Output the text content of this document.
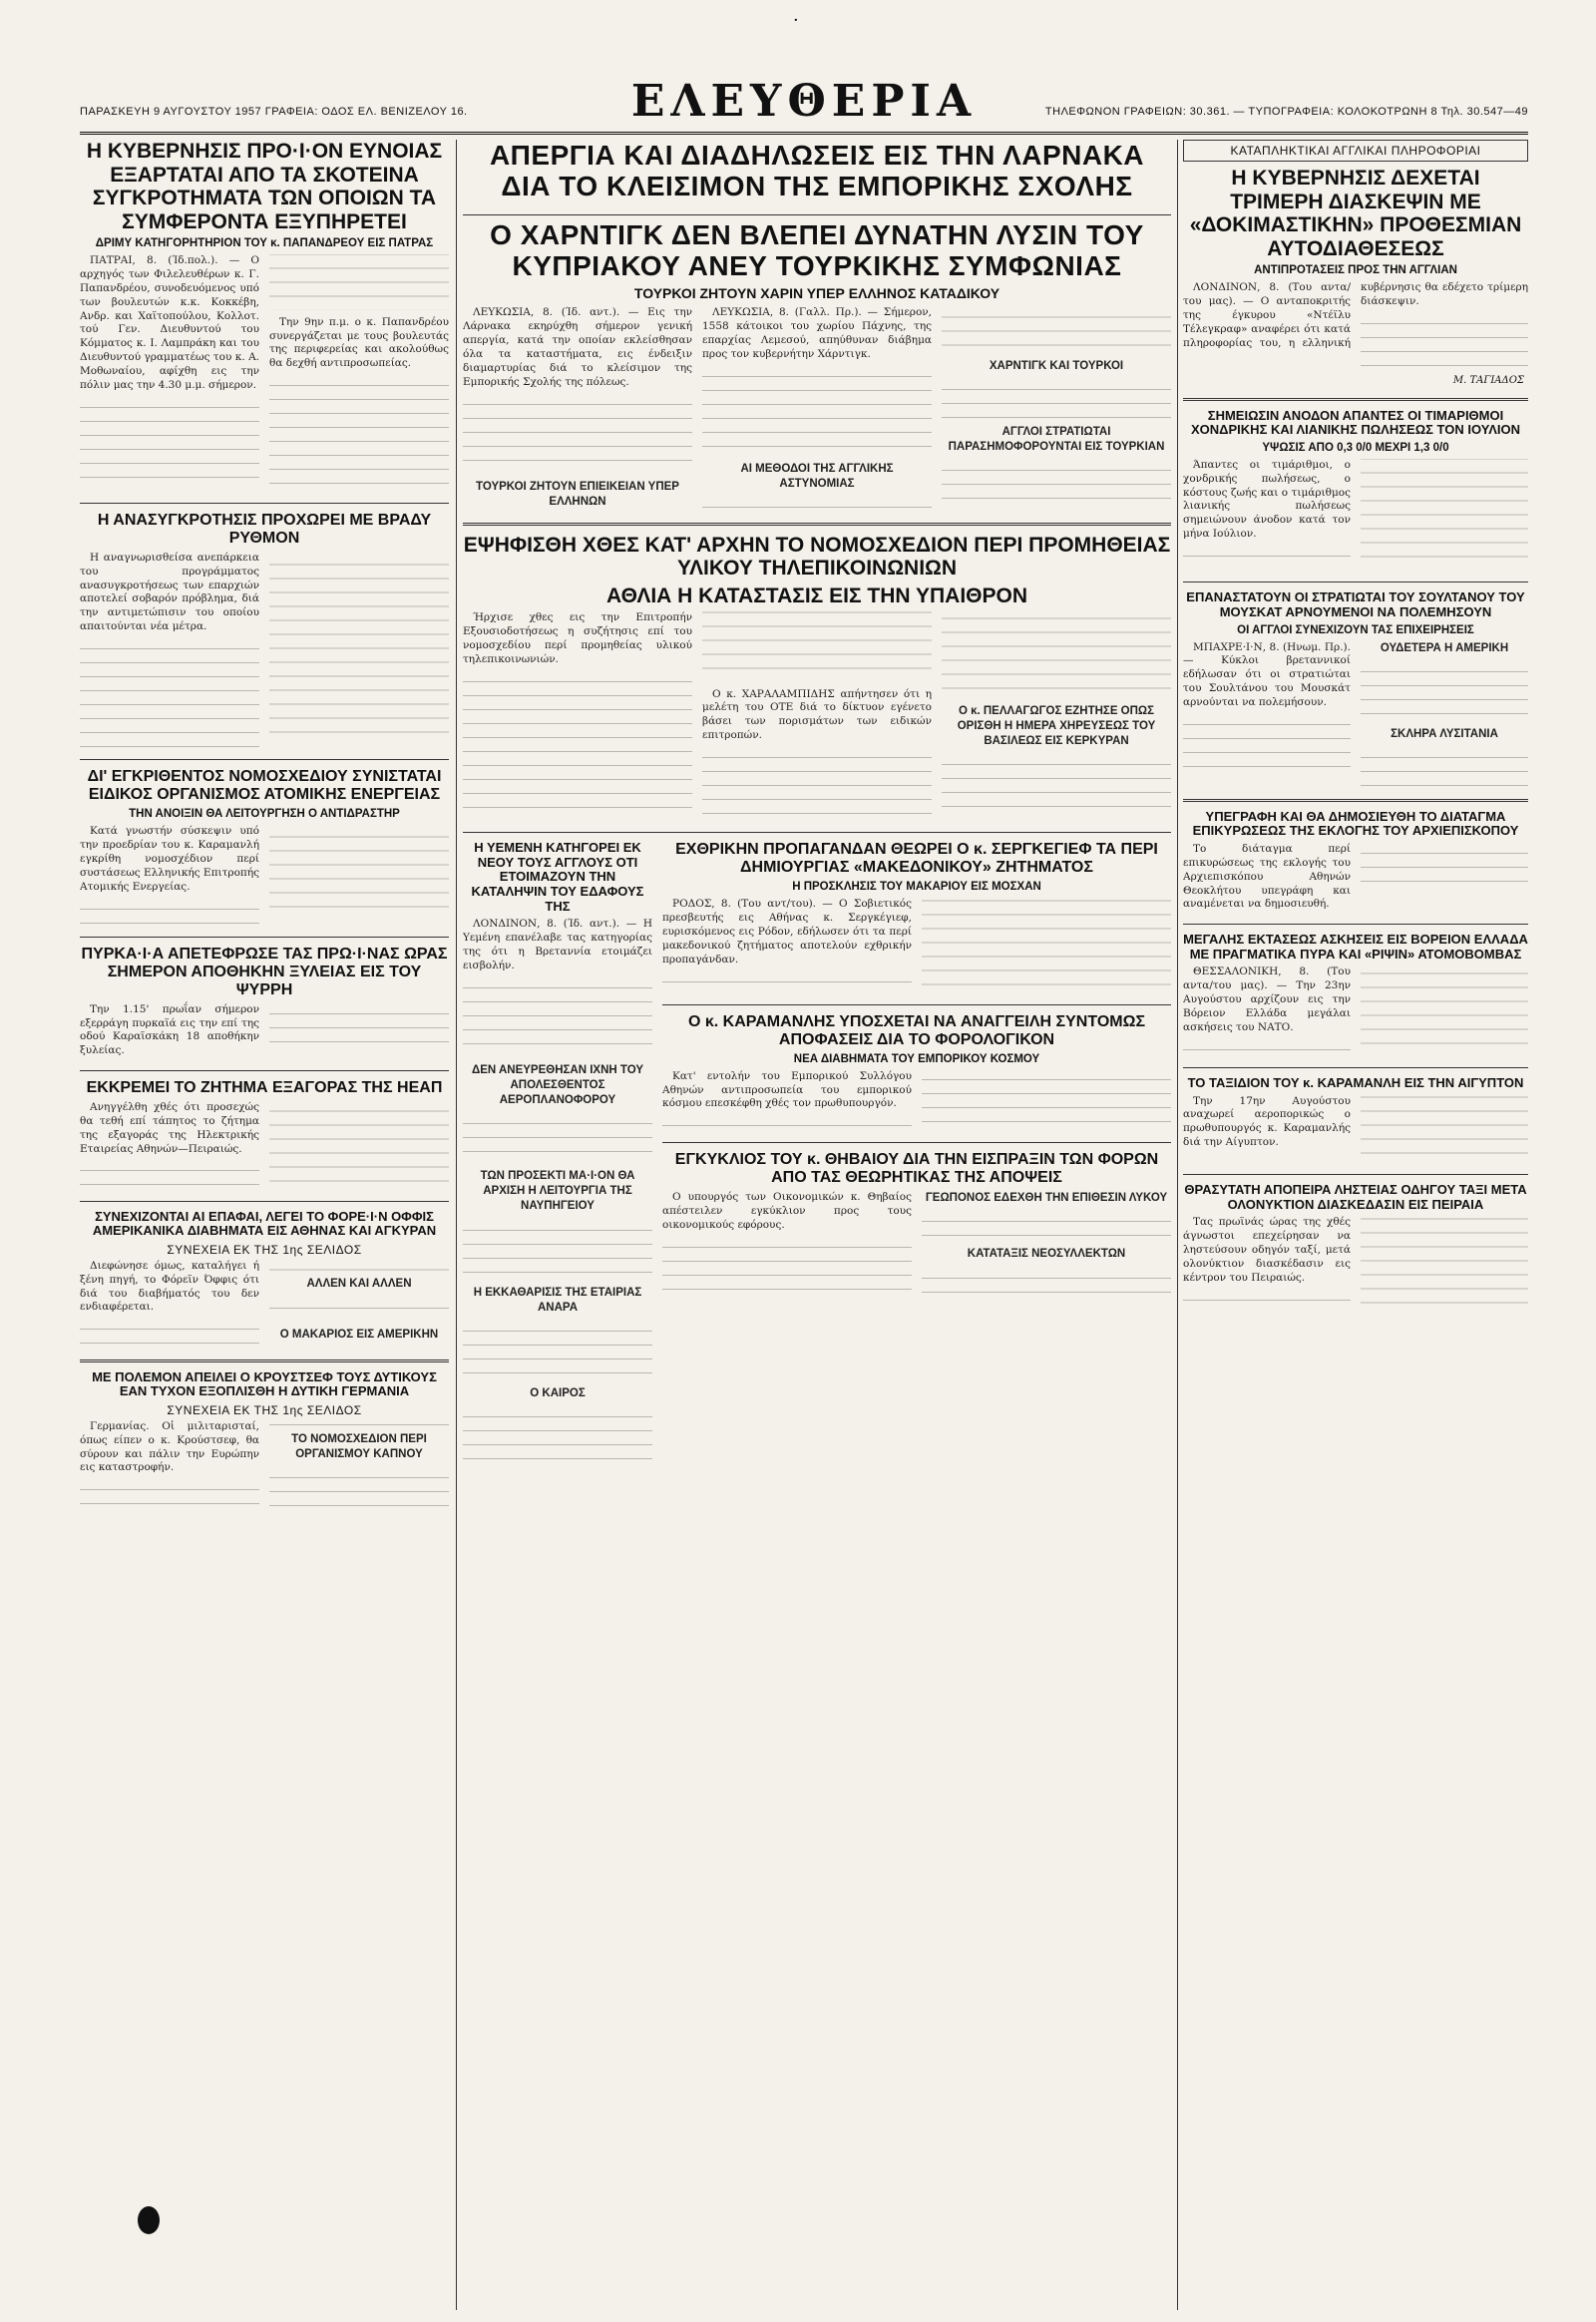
·
ΠΑΡΑΣΚΕΥΗ 9 ΑΥΓΟΥΣΤΟΥ 1957 ΓΡΑΦΕΙΑ: ΟΔΟΣ ΕΛ. ΒΕΝΙΖΕΛΟΥ 16.	ΕΛΕΥΘΕΡΙΑ	ΤΗΛΕΦΩΝΟΝ ΓΡΑΦΕΙΩΝ: 30.361. — ΤΥΠΟΓΡΑΦΕΙΑ: ΚΟΛΟΚΟΤΡΩΝΗ 8 Τηλ. 30.547—49
Η ΚΥΒΕΡΝΗΣΙΣ ΠΡΟ·Ι·ΟΝ ΕΥΝΟΙΑΣ ΕΞΑΡΤΑΤΑΙ ΑΠΟ ΤΑ ΣΚΟΤΕΙΝΑ ΣΥΓΚΡΟΤΗΜΑΤΑ ΤΩΝ ΟΠΟΙΩΝ ΤΑ ΣΥΜΦΕΡΟΝΤΑ ΕΞΥΠΗΡΕΤΕΙ
ΔΡΙΜΥ ΚΑΤΗΓΟΡΗΤΗΡΙΟΝ ΤΟΥ κ. ΠΑΠΑΝΔΡΕΟΥ ΕΙΣ ΠΑΤΡΑΣ

ΠΑΤΡΑΙ, 8. (Ίδ.πολ.). — Ο αρχηγός των Φιλελευθέρων κ. Γ. Παπανδρέου, συνοδευόμενος υπό των βουλευτών κ.κ. Κοκκέβη, Ανδρ. και Χαϊτοπούλου, Κολλοτ. τού Γεν. Διευθυντού του Κόμματος κ. Ι. Λαμπράκη και του Διευθυντού γραμματέως του κ. Α. Μοθωναίου, αφίχθη εις την πόλιν μας την 4.30 μ.μ. σήμερον.

Την 9ην π.μ. ο κ. Παπανδρέου συνεργάζεται με τους βουλευτάς της περιφερείας και ακολούθως θα δεχθή αντιπροσωπείας.

Η ΑΝΑΣΥΓΚΡΟΤΗΣΙΣ ΠΡΟΧΩΡΕΙ ΜΕ ΒΡΑΔΥ ΡΥΘΜΟΝ

Η αναγνωρισθείσα ανεπάρκεια του προγράμματος ανασυγκροτήσεως των επαρχιών αποτελεί σοβαρόν πρόβλημα, διά την αντιμετώπισιν του οποίου απαιτούνται νέα μέτρα.

ΔΙ' ΕΓΚΡΙΘΕΝΤΟΣ ΝΟΜΟΣΧΕΔΙΟΥ ΣΥΝΙΣΤΑΤΑΙ ΕΙΔΙΚΟΣ ΟΡΓΑΝΙΣΜΟΣ ΑΤΟΜΙΚΗΣ ΕΝΕΡΓΕΙΑΣ
ΤΗΝ ΑΝΟΙΞΙΝ ΘΑ ΛΕΙΤΟΥΡΓΗΣΗ Ο ΑΝΤΙΔΡΑΣΤΗΡ

Κατά γνωστήν σύσκεψιν υπό την προεδρίαν του κ. Καραμανλή εγκρίθη νομοσχέδιον περί συστάσεως Ελληνικής Επιτροπής Ατομικής Ενεργείας.

ΠΥΡΚΑ·Ι·Α ΑΠΕΤΕΦΡΩΣΕ ΤΑΣ ΠΡΩ·Ι·ΝΑΣ ΩΡΑΣ ΣΗΜΕΡΟΝ ΑΠΟΘΗΚΗΝ ΞΥΛΕΙΑΣ ΕΙΣ ΤΟΥ ΨΥΡΡΗ

Την 1.15' πρωΐαν σήμερον εξερράγη πυρκαϊά εις την επί της οδού Καραϊσκάκη 18 αποθήκην ξυλείας.

ΕΚΚΡΕΜΕΙ ΤΟ ΖΗΤΗΜΑ ΕΞΑΓΟΡΑΣ ΤΗΣ ΗΕΑΠ

Ανηγγέλθη χθές ότι προσεχώς θα τεθή επί τάπητος το ζήτημα της εξαγοράς της Ηλεκτρικής Εταιρείας Αθηνών—Πειραιώς.

ΣΥΝΕΧΙΖΟΝΤΑΙ ΑΙ ΕΠΑΦΑΙ, ΛΕΓΕΙ ΤΟ ΦΟΡΕ·Ι·Ν ΟΦΦΙΣ ΑΜΕΡΙΚΑΝΙΚΑ ΔΙΑΒΗΜΑΤΑ ΕΙΣ ΑΘΗΝΑΣ ΚΑΙ ΑΓΚΥΡΑΝ
ΣΥΝΕΧΕΙΑ ΕΚ ΤΗΣ 1ης ΣΕΛΙΔΟΣ

Διεφώνησε όμως, καταλήγει ή ξένη πηγή, το Φόρεϊν Όφφις ότι διά του διαβήματός του δεν ενδιαφέρεται.

ΑΛΛΕΝ ΚΑΙ ΑΛΛΕΝ
Ο ΜΑΚΑΡΙΟΣ ΕΙΣ ΑΜΕΡΙΚΗΝ
ΜΕ ΠΟΛΕΜΟΝ ΑΠΕΙΛΕΙ Ο ΚΡΟΥΣΤΣΕΦ ΤΟΥΣ ΔΥΤΙΚΟΥΣ ΕΑΝ ΤΥΧΟΝ ΕΞΟΠΛΙΣΘΗ Η ΔΥΤΙΚΗ ΓΕΡΜΑΝΙΑ
ΣΥΝΕΧΕΙΑ ΕΚ ΤΗΣ 1ης ΣΕΛΙΔΟΣ

Γερμανίας. Οἱ μιλιταρισταί, όπως είπεν ο κ. Κρούστσεφ, θα σύρουν και πάλιν την Ευρώπην εις καταστροφήν.

ΤΟ ΝΟΜΟΣΧΕΔΙΟΝ ΠΕΡΙ ΟΡΓΑΝΙΣΜΟΥ ΚΑΠΝΟΥ
ΑΠΕΡΓΙΑ ΚΑΙ ΔΙΑΔΗΛΩΣΕΙΣ ΕΙΣ ΤΗΝ ΛΑΡΝΑΚΑ ΔΙΑ ΤΟ ΚΛΕΙΣΙΜΟΝ ΤΗΣ ΕΜΠΟΡΙΚΗΣ ΣΧΟΛΗΣ
Ο ΧΑΡΝΤΙΓΚ ΔΕΝ ΒΛΕΠΕΙ ΔΥΝΑΤΗΝ ΛΥΣΙΝ ΤΟΥ ΚΥΠΡΙΑΚΟΥ ΑΝΕΥ ΤΟΥΡΚΙΚΗΣ ΣΥΜΦΩΝΙΑΣ
ΤΟΥΡΚΟΙ ΖΗΤΟΥΝ ΧΑΡΙΝ ΥΠΕΡ ΕΛΛΗΝΟΣ ΚΑΤΑΔΙΚΟΥ

ΛΕΥΚΩΣΙΑ, 8. (Ίδ. αντ.). — Εις την Λάρνακα εκηρύχθη σήμερον γενική απεργία, κατά την οποίαν εκλείσθησαν όλα τα καταστήματα, εις ένδειξιν διαμαρτυρίας διά το κλείσιμον της Εμπορικής Σχολής της πόλεως.

ΤΟΥΡΚΟΙ ΖΗΤΟΥΝ ΕΠΙΕΙΚΕΙΑΝ ΥΠΕΡ ΕΛΛΗΝΩΝ

ΛΕΥΚΩΣΙΑ, 8. (Γαλλ. Πρ.). — Σήμερον, 1558 κάτοικοι του χωρίου Πάχνης, της επαρχίας Λεμεσού, απηύθυναν διάβημα προς τον κυβερνήτην Χάρντιγκ.

ΑΙ ΜΕΘΟΔΟΙ ΤΗΣ ΑΓΓΛΙΚΗΣ ΑΣΤΥΝΟΜΙΑΣ
ΧΑΡΝΤΙΓΚ ΚΑΙ ΤΟΥΡΚΟΙ
ΑΓΓΛΟΙ ΣΤΡΑΤΙΩΤΑΙ ΠΑΡΑΣΗΜΟΦΟΡΟΥΝΤΑΙ ΕΙΣ ΤΟΥΡΚΙΑΝ
ΕΨΗΦΙΣΘΗ ΧΘΕΣ ΚΑΤ' ΑΡΧΗΝ ΤΟ ΝΟΜΟΣΧΕΔΙΟΝ ΠΕΡΙ ΠΡΟΜΗΘΕΙΑΣ ΥΛΙΚΟΥ ΤΗΛΕΠΙΚΟΙΝΩΝΙΩΝ
ΑΘΛΙΑ Η ΚΑΤΑΣΤΑΣΙΣ ΕΙΣ ΤΗΝ ΥΠΑΙΘΡΟΝ

Ήρχισε χθες εις την Επιτροπήν Εξουσιοδοτήσεως η συζήτησις επί του νομοσχεδίου περί προμηθείας υλικού τηλεπικοινωνιών.

Ο κ. ΧΑΡΑΛΑΜΠΙΔΗΣ απήντησεν ότι η μελέτη του ΟΤΕ διά το δίκτυον εγένετο βάσει των πορισμάτων των ειδικών επιτροπών.

Ο κ. ΠΕΛΛΑΓΩΓΟΣ ΕΖΗΤΗΣΕ ΟΠΩΣ ΟΡΙΣΘΗ Η ΗΜΕΡΑ ΧΗΡΕΥΣΕΩΣ ΤΟΥ ΒΑΣΙΛΕΩΣ ΕΙΣ ΚΕΡΚΥΡΑΝ
Η ΥΕΜΕΝΗ ΚΑΤΗΓΟΡΕΙ ΕΚ ΝΕΟΥ ΤΟΥΣ ΑΓΓΛΟΥΣ ΟΤΙ ΕΤΟΙΜΑΖΟΥΝ ΤΗΝ ΚΑΤΑΛΗΨΙΝ ΤΟΥ ΕΔΑΦΟΥΣ ΤΗΣ

ΛΟΝΔΙΝΟΝ, 8. (Ίδ. αντ.). — Η Υεμένη επανέλαβε τας κατηγορίας της ότι η Βρεταννία ετοιμάζει εισβολήν.

ΔΕΝ ΑΝΕΥΡΕΘΗΣΑΝ ΙΧΝΗ ΤΟΥ ΑΠΟΛΕΣΘΕΝΤΟΣ ΑΕΡΟΠΛΑΝΟΦΟΡΟΥ
ΤΩΝ ΠΡΟΣΕΚΤΙ ΜΑ·Ι·ΟΝ ΘΑ ΑΡΧΙΣΗ Η ΛΕΙΤΟΥΡΓΙΑ ΤΗΣ ΝΑΥΠΗΓΕΙΟΥ
Η ΕΚΚΑΘΑΡΙΣΙΣ ΤΗΣ ΕΤΑΙΡΙΑΣ ΑΝΑΡΑ
Ο ΚΑΙΡΟΣ
ΕΧΘΡΙΚΗΝ ΠΡΟΠΑΓΑΝΔΑΝ ΘΕΩΡΕΙ Ο κ. ΣΕΡΓΚΕΓΙΕΦ ΤΑ ΠΕΡΙ ΔΗΜΙΟΥΡΓΙΑΣ «ΜΑΚΕΔΟΝΙΚΟΥ» ΖΗΤΗΜΑΤΟΣ
Η ΠΡΟΣΚΛΗΣΙΣ ΤΟΥ ΜΑΚΑΡΙΟΥ ΕΙΣ ΜΟΣΧΑΝ

ΡΟΔΟΣ, 8. (Του αντ/του). — Ο Σοβιετικός πρεσβευτής εις Αθήνας κ. Σεργκέγιεφ, ευρισκόμενος εις Ρόδον, εδήλωσεν ότι τα περί μακεδονικού ζητήματος αποτελούν εχθρικήν προπαγάνδαν.

Ο κ. ΚΑΡΑΜΑΝΛΗΣ ΥΠΟΣΧΕΤΑΙ ΝΑ ΑΝΑΓΓΕΙΛΗ ΣΥΝΤΟΜΩΣ ΑΠΟΦΑΣΕΙΣ ΔΙΑ ΤΟ ΦΟΡΟΛΟΓΙΚΟΝ
ΝΕΑ ΔΙΑΒΗΜΑΤΑ ΤΟΥ ΕΜΠΟΡΙΚΟΥ ΚΟΣΜΟΥ

Κατ' εντολήν του Εμπορικού Συλλόγου Αθηνών αντιπροσωπεία του εμπορικού κόσμου επεσκέφθη χθές τον πρωθυπουργόν.

ΕΓΚΥΚΛΙΟΣ ΤΟΥ κ. ΘΗΒΑΙΟΥ ΔΙΑ ΤΗΝ ΕΙΣΠΡΑΞΙΝ ΤΩΝ ΦΟΡΩΝ ΑΠΟ ΤΑΣ ΘΕΩΡΗΤΙΚΑΣ ΤΗΣ ΑΠΟΨΕΙΣ

Ο υπουργός των Οικονομικών κ. Θηβαίος απέστειλεν εγκύκλιον προς τους οικονομικούς εφόρους.

ΓΕΩΠΟΝΟΣ ΕΔΕΧΘΗ ΤΗΝ ΕΠΙΘΕΣΙΝ ΛΥΚΟΥ
ΚΑΤΑΤΑΞΙΣ ΝΕΟΣΥΛΛΕΚΤΩΝ
ΚΑΤΑΠΛΗΚΤΙΚΑΙ ΑΓΓΛΙΚΑΙ ΠΛΗΡΟΦΟΡΙΑΙ
Η ΚΥΒΕΡΝΗΣΙΣ ΔΕΧΕΤΑΙ ΤΡΙΜΕΡΗ ΔΙΑΣΚΕΨΙΝ ΜΕ «ΔΟΚΙΜΑΣΤΙΚΗΝ» ΠΡΟΘΕΣΜΙΑΝ ΑΥΤΟΔΙΑΘΕΣΕΩΣ
ΑΝΤΙΠΡΟΤΑΣΕΙΣ ΠΡΟΣ ΤΗΝ ΑΓΓΛΙΑΝ

ΛΟΝΔΙΝΟΝ, 8. (Του αντα/του μας). — Ο ανταποκριτής της έγκυρου «Ντέϊλυ Τέλεγκραφ» αναφέρει ότι κατά πληροφορίας του, η ελληνική κυβέρνησις θα εδέχετο τρίμερη διάσκεψιν.

Μ. ΤΑΓΙΑΔΟΣ
ΣΗΜΕΙΩΣΙΝ ΑΝΟΔΟΝ ΑΠΑΝΤΕΣ ΟΙ ΤΙΜΑΡΙΘΜΟΙ ΧΟΝΔΡΙΚΗΣ ΚΑΙ ΛΙΑΝΙΚΗΣ ΠΩΛΗΣΕΩΣ ΤΟΝ ΙΟΥΛΙΟΝ
ΥΨΩΣΙΣ ΑΠΟ 0,3 0/0 ΜΕΧΡΙ 1,3 0/0

Άπαντες οι τιμάριθμοι, ο χονδρικής πωλήσεως, ο κόστους ζωής και ο τιμάριθμος λιανικής πωλήσεως σημειώνουν άνοδον κατά τον μήνα Ιούλιον.

ΕΠΑΝΑΣΤΑΤΟΥΝ ΟΙ ΣΤΡΑΤΙΩΤΑΙ ΤΟΥ ΣΟΥΛΤΑΝΟΥ ΤΟΥ ΜΟΥΣΚΑΤ ΑΡΝΟΥΜΕΝΟΙ ΝΑ ΠΟΛΕΜΗΣΟΥΝ
ΟΙ ΑΓΓΛΟΙ ΣΥΝΕΧΙΖΟΥΝ ΤΑΣ ΕΠΙΧΕΙΡΗΣΕΙΣ

ΜΠΑΧΡΕ·Ι·Ν, 8. (Ηνωμ. Πρ.). — Κύκλοι βρεταννικοί εδήλωσαν ότι οι στρατιώται του Σουλτάνου του Μουσκάτ αρνούνται να πολεμήσουν.

ΟΥΔΕΤΕΡΑ Η ΑΜΕΡΙΚΗ
ΣΚΛΗΡΑ ΛΥΣΙΤΑΝΙΑ
ΥΠΕΓΡΑΦΗ ΚΑΙ ΘΑ ΔΗΜΟΣΙΕΥΘΗ ΤΟ ΔΙΑΤΑΓΜΑ ΕΠΙΚΥΡΩΣΕΩΣ ΤΗΣ ΕΚΛΟΓΗΣ ΤΟΥ ΑΡΧΙΕΠΙΣΚΟΠΟΥ

Το διάταγμα περί επικυρώσεως της εκλογής του Αρχιεπισκόπου Αθηνών Θεοκλήτου υπεγράφη και αναμένεται να δημοσιευθή.

ΜΕΓΑΛΗΣ ΕΚΤΑΣΕΩΣ ΑΣΚΗΣΕΙΣ ΕΙΣ ΒΟΡΕΙΟΝ ΕΛΛΑΔΑ ΜΕ ΠΡΑΓΜΑΤΙΚΑ ΠΥΡΑ ΚΑΙ «ΡΙΨΙΝ» ΑΤΟΜΟΒΟΜΒΑΣ

ΘΕΣΣΑΛΟΝΙΚΗ, 8. (Του αντα/του μας). — Την 23ην Αυγούστου αρχίζουν εις την Βόρειον Ελλάδα μεγάλαι ασκήσεις του ΝΑΤΟ.

ΤΟ ΤΑΞΙΔΙΟΝ ΤΟΥ κ. ΚΑΡΑΜΑΝΛΗ ΕΙΣ ΤΗΝ ΑΙΓΥΠΤΟΝ

Την 17ην Αυγούστου αναχωρεί αεροπορικώς ο πρωθυπουργός κ. Καραμανλής διά την Αίγυπτον.

ΘΡΑΣΥΤΑΤΗ ΑΠΟΠΕΙΡΑ ΛΗΣΤΕΙΑΣ ΟΔΗΓΟΥ ΤΑΞΙ ΜΕΤΑ ΟΛΟΝΥΚΤΙΟΝ ΔΙΑΣΚΕΔΑΣΙΝ ΕΙΣ ΠΕΙΡΑΙΑ

Τας πρωϊνάς ώρας της χθές άγνωστοι επεχείρησαν να ληστεύσουν οδηγόν ταξί, μετά ολονύκτιον διασκέδασιν εις κέντρον του Πειραιώς.
